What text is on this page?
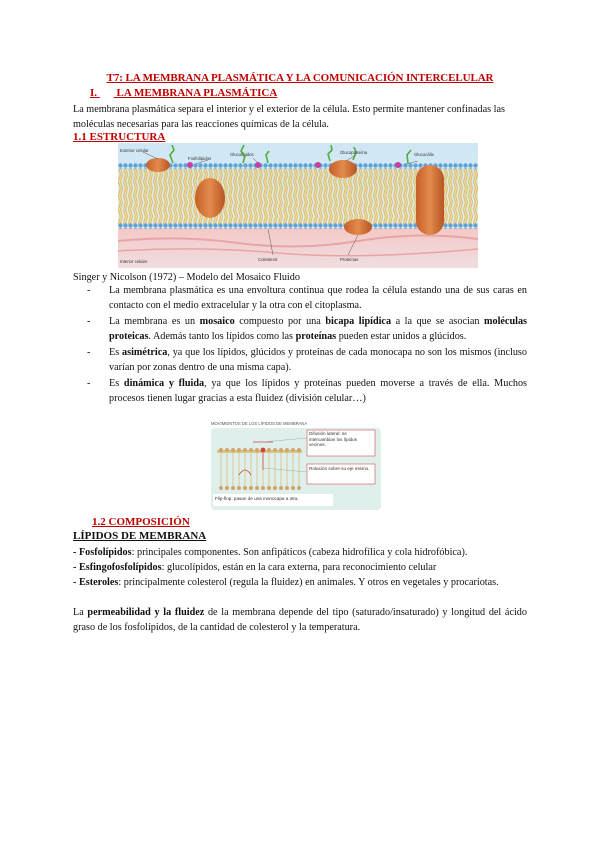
T7: LA MEMBRANA PLASMÁTICA Y LA COMUNICACIÓN INTERCELULAR
I. LA MEMBRANA PLASMÁTICA
La membrana plasmática separa el interior y el exterior de la célula. Esto permite mantener confinadas las moléculas necesarias para las reacciones químicas de la célula.
1.1 ESTRUCTURA
Exterior celular
Fosfolípidos
Glucolípidos	Glucoproteína	Glucocálix
Interior celular	Colesterol	Proteínas
Singer y Nicolson (1972) – Modelo del Mosaico Fluido
- La membrana plasmática es una envoltura continua que rodea la célula estando una de sus caras en contacto con el medio extracelular y la otra con el citoplasma.
- La membrana es un mosaico compuesto por una bicapa lipídica a la que se asocian moléculas proteicas. Además tanto los lípidos como las proteínas pueden estar unidos a glúcidos.
- Es asimétrica, ya que los lípidos, glúcidos y proteínas de cada monocapa no son los mismos (incluso varían por zonas dentro de una misma capa).
- Es dinámica y fluida, ya que los lípidos y proteínas pueden moverse a través de ella. Muchos procesos tienen lugar gracias a esta fluidez (división celular…)
MOVIMIENTOS DE LOS LÍPIDOS DE MEMBRANA
Difusión lateral: se intercambian los lípidos vecinos.
Rotación sobre su eje mismo.
Flip-flop: pasan de una monocapa a otra.
1.2 COMPOSICIÓN
LÍPIDOS DE MEMBRANA
- Fosfolípidos: principales componentes. Son anfipáticos (cabeza hidrofílica y cola hidrofóbica).
- Esfingofosfolípidos: glucolípidos, están en la cara externa, para reconocimiento celular
- Esteroles: principalmente colesterol (regula la fluidez) en animales. Y otros en vegetales y procariotas.
La permeabilidad y la fluidez de la membrana depende del tipo (saturado/insaturado) y longitud del ácido graso de los fosfolípidos, de la cantidad de colesterol y la temperatura.
